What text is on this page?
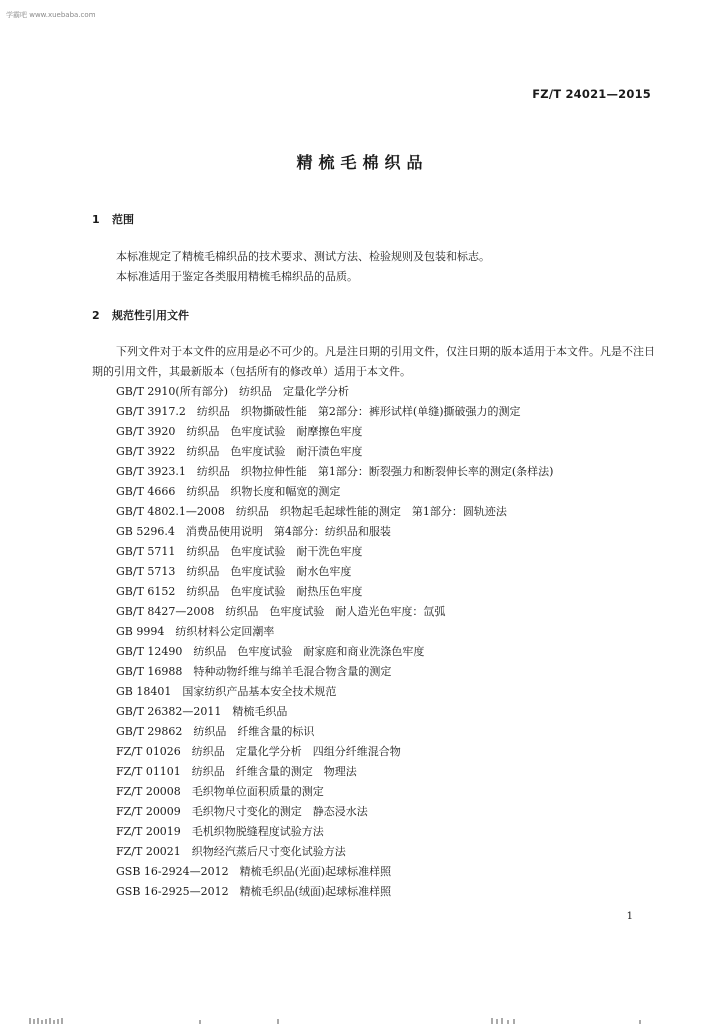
学霸吧 www.xuebaba.com
FZ/T 24021—2015
精梳毛棉织品
1 范围
本标准规定了精梳毛棉织品的技术要求、测试方法、检验规则及包装和标志。
本标准适用于鉴定各类服用精梳毛棉织品的品质。
2 规范性引用文件
下列文件对于本文件的应用是必不可少的。凡是注日期的引用文件，仅注日期的版本适用于本文件。凡是不注日期的引用文件，其最新版本（包括所有的修改单）适用于本文件。
GB/T 2910(所有部分)　纺织品　定量化学分析
GB/T 3917.2　纺织品　织物撕破性能　第2部分：裤形试样(单缝)撕破强力的测定
GB/T 3920　纺织品　色牢度试验　耐摩擦色牢度
GB/T 3922　纺织品　色牢度试验　耐汗渍色牢度
GB/T 3923.1　纺织品　织物拉伸性能　第1部分：断裂强力和断裂伸长率的测定(条样法)
GB/T 4666　纺织品　织物长度和幅宽的测定
GB/T 4802.1—2008　纺织品　织物起毛起球性能的测定　第1部分：圆轨迹法
GB 5296.4　消费品使用说明　第4部分：纺织品和服装
GB/T 5711　纺织品　色牢度试验　耐干洗色牢度
GB/T 5713　纺织品　色牢度试验　耐水色牢度
GB/T 6152　纺织品　色牢度试验　耐热压色牢度
GB/T 8427—2008　纺织品　色牢度试验　耐人造光色牢度：氙弧
GB 9994　纺织材料公定回潮率
GB/T 12490　纺织品　色牢度试验　耐家庭和商业洗涤色牢度
GB/T 16988　特种动物纤维与绵羊毛混合物含量的测定
GB 18401　国家纺织产品基本安全技术规范
GB/T 26382—2011　精梳毛织品
GB/T 29862　纺织品　纤维含量的标识
FZ/T 01026　纺织品　定量化学分析　四组分纤维混合物
FZ/T 01101　纺织品　纤维含量的测定　物理法
FZ/T 20008　毛织物单位面积质量的测定
FZ/T 20009　毛织物尺寸变化的测定　静态浸水法
FZ/T 20019　毛机织物脱缝程度试验方法
FZ/T 20021　织物经汽蒸后尺寸变化试验方法
GSB 16-2924—2012　精梳毛织品(光面)起球标准样照
GSB 16-2925—2012　精梳毛织品(绒面)起球标准样照
1
